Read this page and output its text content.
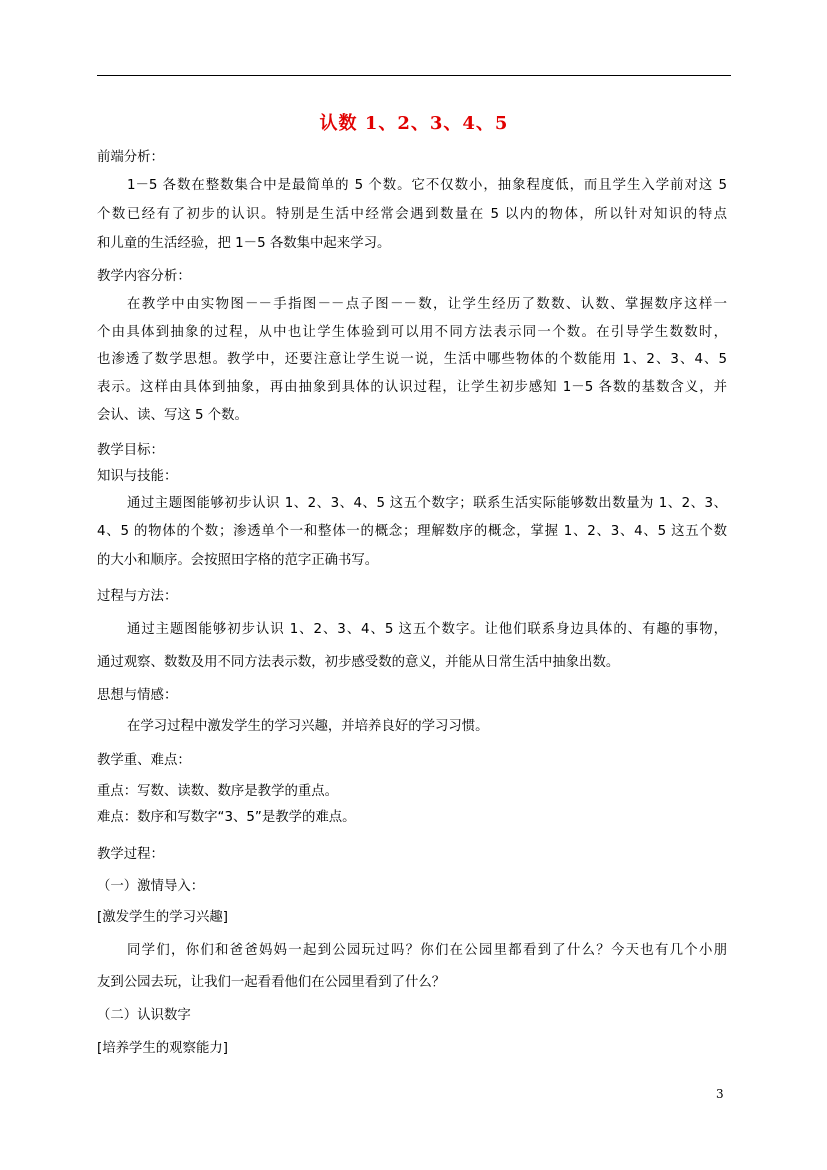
认数 1、2、3、4、5
前端分析：
1－5 各数在整数集合中是最简单的 5 个数。它不仅数小，抽象程度低，而且学生入学前对这 5
个数已经有了初步的认识。特别是生活中经常会遇到数量在 5 以内的物体，所以针对知识的特点
和儿童的生活经验，把 1－5 各数集中起来学习。
教学内容分析：
在教学中由实物图－－手指图－－点子图－－数，让学生经历了数数、认数、掌握数序这样一
个由具体到抽象的过程，从中也让学生体验到可以用不同方法表示同一个数。在引导学生数数时，
也渗透了数学思想。教学中，还要注意让学生说一说，生活中哪些物体的个数能用 1、2、3、4、5
表示。这样由具体到抽象，再由抽象到具体的认识过程，让学生初步感知 1－5 各数的基数含义，并
会认、读、写这 5 个数。
教学目标：
知识与技能：
通过主题图能够初步认识 1、2、3、4、5 这五个数字；联系生活实际能够数出数量为 1、2、3、
4、5 的物体的个数；渗透单个一和整体一的概念；理解数序的概念，掌握 1、2、3、4、5 这五个数
的大小和顺序。会按照田字格的范字正确书写。
过程与方法：
通过主题图能够初步认识 1、2、3、4、5 这五个数字。让他们联系身边具体的、有趣的事物，
通过观察、数数及用不同方法表示数，初步感受数的意义，并能从日常生活中抽象出数。
思想与情感：
在学习过程中激发学生的学习兴趣，并培养良好的学习习惯。
教学重、难点：
重点：写数、读数、数序是教学的重点。
难点：数序和写数字“3、5”是教学的难点。
教学过程：
（一）激情导入：
[激发学生的学习兴趣]
同学们，你们和爸爸妈妈一起到公园玩过吗？你们在公园里都看到了什么？今天也有几个小朋
友到公园去玩，让我们一起看看他们在公园里看到了什么？
（二）认识数字
[培养学生的观察能力]
3
